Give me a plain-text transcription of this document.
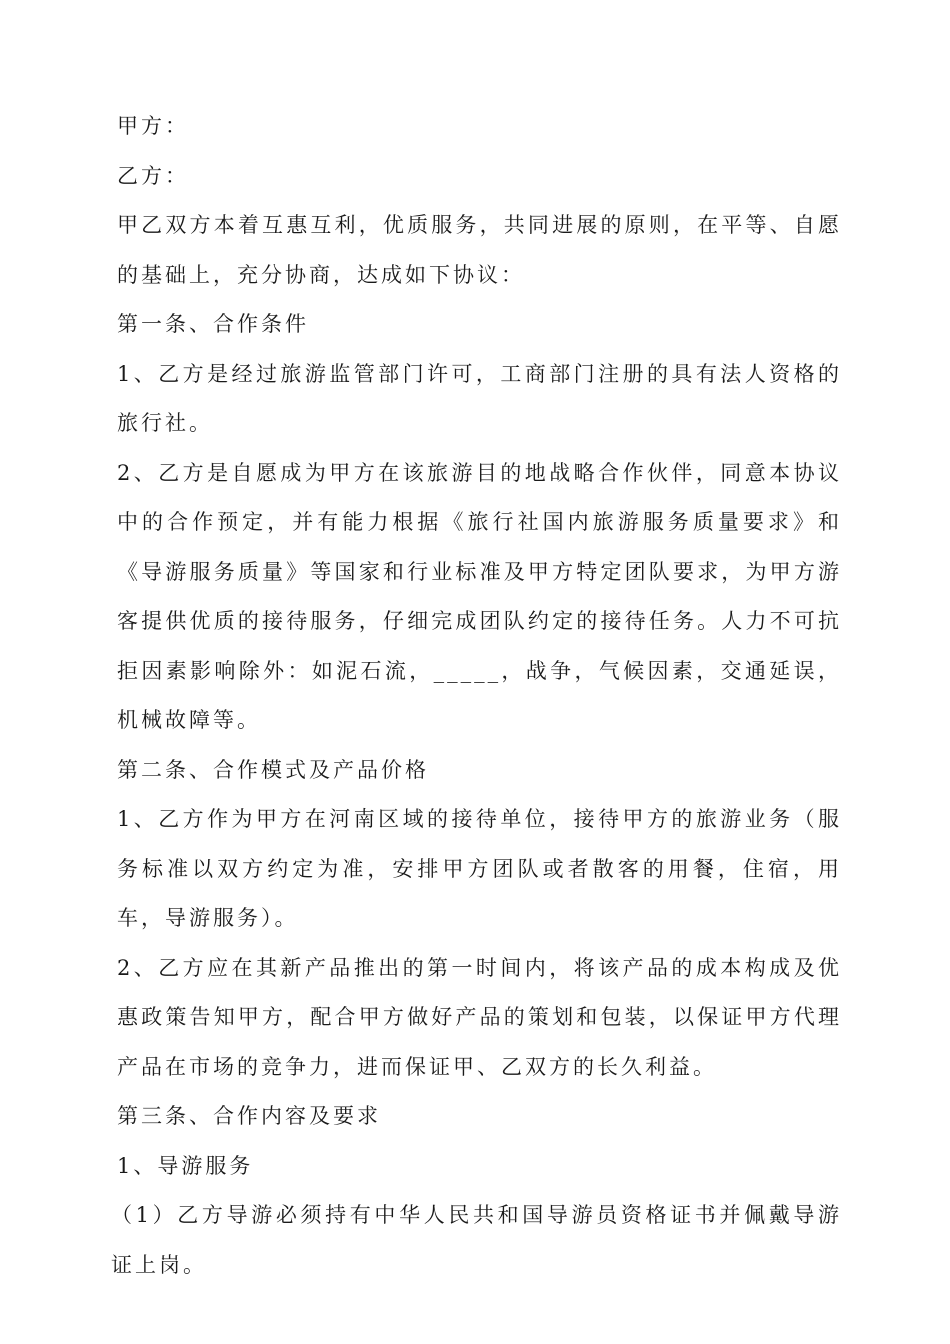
甲方：

乙方：

甲乙双方本着互惠互利，优质服务，共同进展的原则，在平等、自愿的基础上，充分协商，达成如下协议：

第一条、合作条件

1、乙方是经过旅游监管部门许可，工商部门注册的具有法人资格的旅行社。

2、乙方是自愿成为甲方在该旅游目的地战略合作伙伴，同意本协议中的合作预定，并有能力根据《旅行社国内旅游服务质量要求》和《导游服务质量》等国家和行业标准及甲方特定团队要求，为甲方游客提供优质的接待服务，仔细完成团队约定的接待任务。人力不可抗拒因素影响除外：如泥石流，_____，战争，气候因素，交通延误，机械故障等。

第二条、合作模式及产品价格

1、乙方作为甲方在河南区域的接待单位，接待甲方的旅游业务（服务标准以双方约定为准，安排甲方团队或者散客的用餐，住宿，用车，导游服务）。

2、乙方应在其新产品推出的第一时间内，将该产品的成本构成及优惠政策告知甲方，配合甲方做好产品的策划和包装，以保证甲方代理产品在市场的竞争力，进而保证甲、乙双方的长久利益。

第三条、合作内容及要求

1、导游服务

（1）乙方导游必须持有中华人民共和国导游员资格证书并佩戴导游证上岗。
